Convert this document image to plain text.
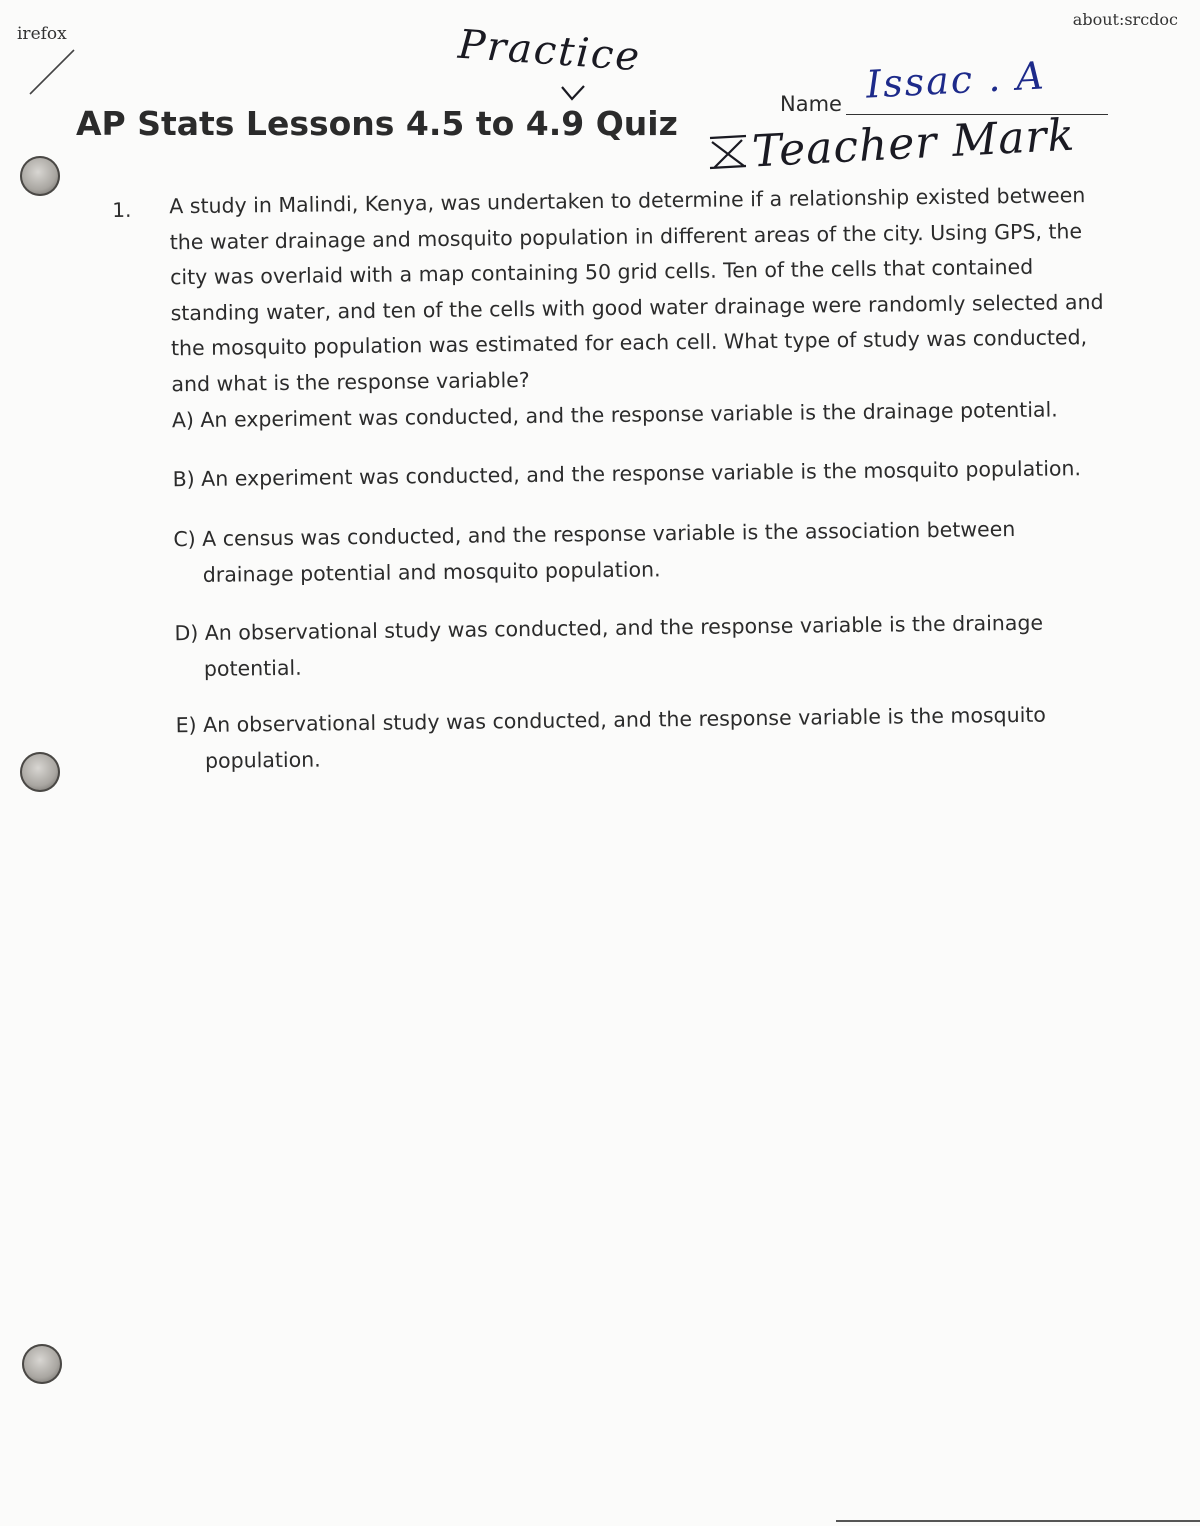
irefox
about:srcdoc
Practice
AP Stats Lessons 4.5 to 4.9 Quiz	Name Issac . A
Teacher Mark
1. A study in Malindi, Kenya, was undertaken to determine if a relationship existed between the water drainage and mosquito population in different areas of the city. Using GPS, the city was overlaid with a map containing 50 grid cells. Ten of the cells that contained standing water, and ten of the cells with good water drainage were randomly selected and the mosquito population was estimated for each cell. What type of study was conducted, and what is the response variable?

A) An experiment was conducted, and the response variable is the drainage potential.
B) An experiment was conducted, and the response variable is the mosquito population.
C) A census was conducted, and the response variable is the association between drainage potential and mosquito population.
D) An observational study was conducted, and the response variable is the drainage potential.
E) An observational study was conducted, and the response variable is the mosquito population.
